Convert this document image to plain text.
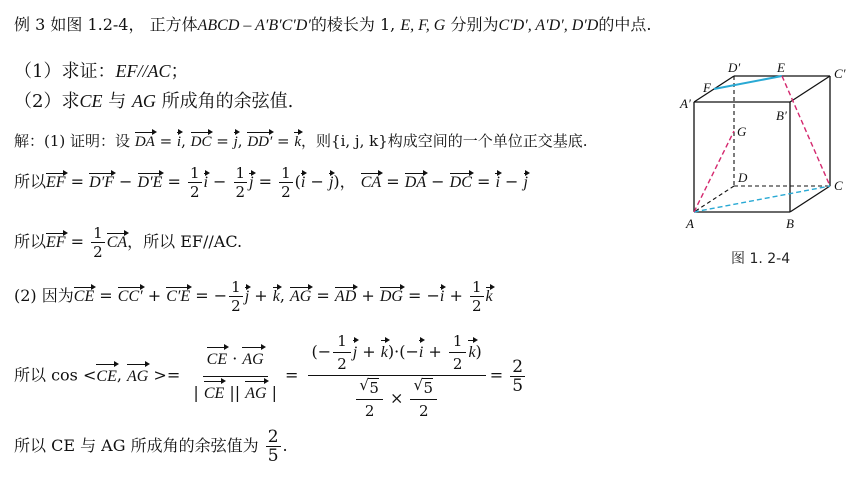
例 3 如图 1.2-4， 正方体ABCD – A′B′C′D′的棱长为 1, E, F, G 分别为C′D′, A′D′, D′D的中点.
（1）求证：EF//AC；
（2）求CE 与 AG 所成角的余弦值.
解：(1) 证明：设 DA = i, DC = j, DD′ = k，则{i, j, k}构成空间的一个单位正交基底.
所以EF = $D'F - D'E = \frac{1}{2}$ $i - \frac{1}{2}$ $j = \frac{1}{2} (i - j)$， CA = DA − DC = i − j
所以EF = $\frac{1}{2}$ CA，所以 EF//AC.
(2) 因为CE = CC′ + C′E = − $\frac{1}{2}$ j + k, AG = AD + DG = $-i + \frac{1}{2}$ k
所以 cos <CE, AG >= $\frac{CE \cdot AG}{| CE || AG |}$ = (− $\frac{1}{2}$ $j + k)\cdot(-i + \frac{1}{2} k)$
√ $\frac{5}{2}$ ×
√ $\frac{5}{2} = \frac{2}{5}$
所以 CE 与 AG 所成角的余弦值为 $\frac{2}{5}$ .
D′	E	C′
F
A′
B′
G
D
C
A	B
图 1. 2-4
